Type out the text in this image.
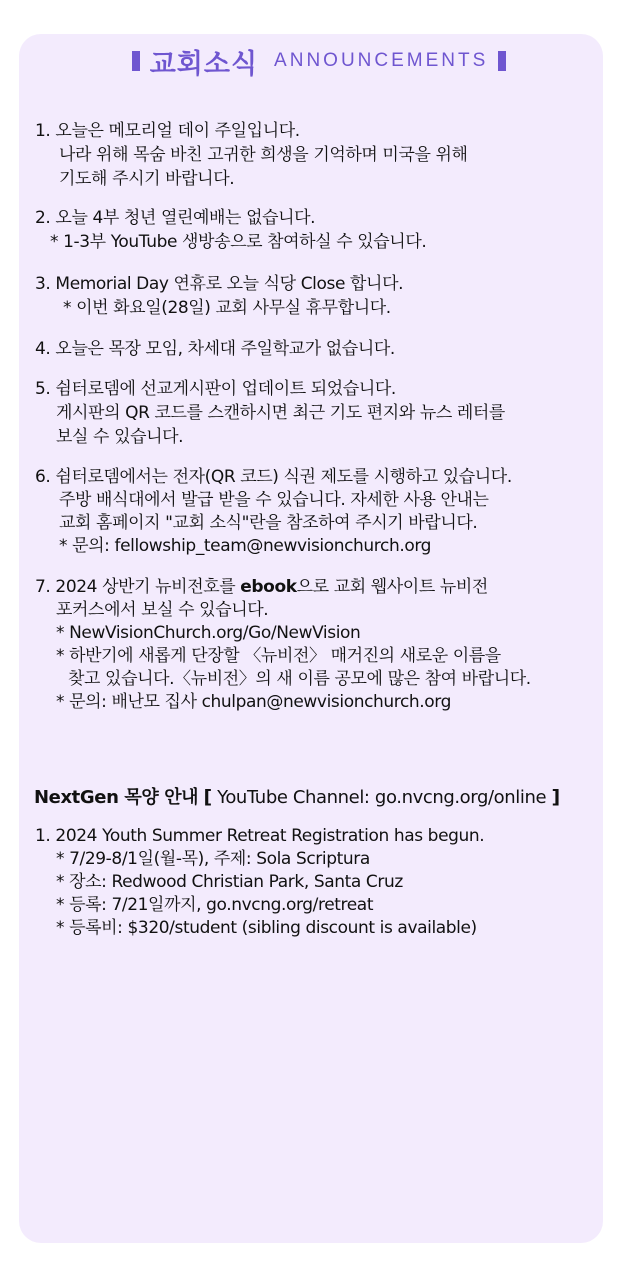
교회소식 ANNOUNCEMENTS
1. 오늘은 메모리얼 데이 주일입니다.
나라 위해 목숨 바친 고귀한 희생을 기억하며 미국을 위해
기도해 주시기 바랍니다.
2. 오늘 4부 청년 열린예배는 없습니다.
* 1-3부 YouTube 생방송으로 참여하실 수 있습니다.
3. Memorial Day 연휴로 오늘 식당 Close 합니다.
* 이번 화요일(28일) 교회 사무실 휴무합니다.
4. 오늘은 목장 모임, 차세대 주일학교가 없습니다.
5. 쉼터로뎀에 선교게시판이 업데이트 되었습니다.
게시판의 QR 코드를 스캔하시면 최근 기도 편지와 뉴스 레터를
보실 수 있습니다.
6. 쉼터로뎀에서는 전자(QR 코드) 식권 제도를 시행하고 있습니다.
주방 배식대에서 발급 받을 수 있습니다. 자세한 사용 안내는
교회 홈페이지 "교회 소식"란을 참조하여 주시기 바랍니다.
* 문의: fellowship_team@newvisionchurch.org
7. 2024 상반기 뉴비전호를 ebook으로 교회 웹사이트 뉴비전
포커스에서 보실 수 있습니다.
* NewVisionChurch.org/Go/NewVision
* 하반기에 새롭게 단장할 〈뉴비전〉 매거진의 새로운 이름을
찾고 있습니다.〈뉴비전〉의 새 이름 공모에 많은 참여 바랍니다.
* 문의: 배난모 집사 chulpan@newvisionchurch.org
NextGen 목양 안내 [ YouTube Channel: go.nvcng.org/online ]
1. 2024 Youth Summer Retreat Registration has begun.
* 7/29-8/1일(월-목), 주제: Sola Scriptura
* 장소: Redwood Christian Park, Santa Cruz
* 등록: 7/21일까지, go.nvcng.org/retreat
* 등록비: $320/student (sibling discount is available)
